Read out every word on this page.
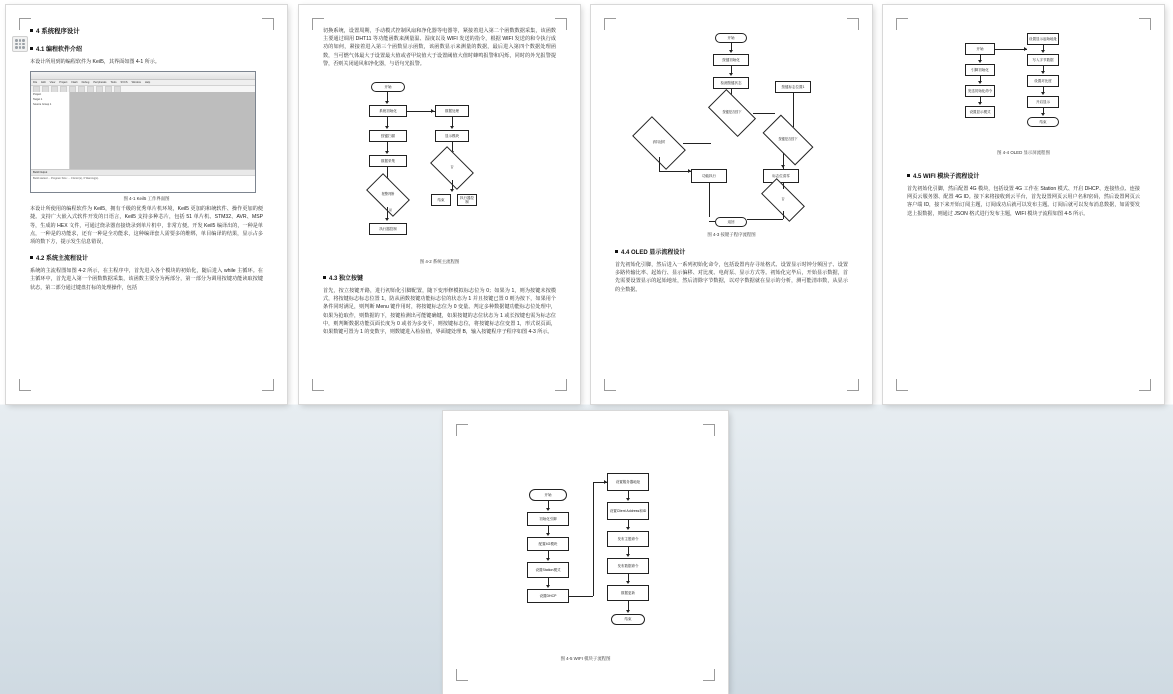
4 系统程序设计
4.1 编程软件介绍
本设计所用到的编程软件为 Keil5，其界面如图 4-1 所示。
File Edit View Project Flash Debug Peripherals Tools SVCS Window Help
Project
Target 1
Source Group 1
Build Output
Build started ... Program Size: ... 0 Error(s), 0 Warning(s).
图 4-1 Keil5 工作界面图
本设计所使用的编程软件为 Keil5，拥有千级的优秀单片机环境，Keil5 更加的和统软件、操作更加的便捷。支持广大嵌入式软件开发的日语言，Keil5 支持多种芯片，包括 51 单片机、STM32、AVR、MSP 等，生成的 HEX 文件，可通过烧录器直接烧录到单片机中，非常方便。开发 Keil5 编译出的，一种是单点，一种是的功能求，还有一种是全功能求，这种编译套人需要多的维绑，单目编译的结果，显示占多项的数下方，提示发生信息错误，
4.2 系统主流程设计
系统的主流程图如图 4-2 所示，在主程序中，首先进入各个模块的初始化，随后进入 while 主循环。在主循环中，首先进入第一个函数数据采集，该函数主要分为两部分，第一部分为调用按键功能读取按键状态，第二部分通过键盘打标的处理操作，包括
切换系统，设置周期，手动模式控制风扇和净化器等电器等，紧接着进入第二个函数数据采集，该函数主要通过调用 DHT11 等功能函数来测量温、湿度以及 WIFI 发送的指令，根据 WIFI 发送的和令执行成功的如何，紧接着进入第三个函数显示函数，该函数显示来测量的数据，最后进入第四个数据处理函数，当可燃气体最大于设置最大值或者甲烷值大于设置阈值大值时蜂鸣报警和闪烁，同时的外光报警提警，否则关闭通风和净化器，与语句光报警。
开始
系统初始化
按键扫描
数据采集
报警判断
是
执行器控制
数据处理
显示模块
否
结束
执行器控制
图 4-2 系统主流程图
4.3 独立按键
首先，按立按键开路，进行初始化引脚配置，随下变形修模拟标志位为 0；如果为 1，则为按键未按模式，将按键标志标志位置 1，防从函数按键功能标志位的状态为 1 并且按键已置 0 则为按下，如果用个条件同时满足，则判断 Menu 键作用时，将按键标志位为 0 变量。判定多种数据键功能标志位处理中，如果为抢取作，则数据的下，按键检测出可能键确键，如果按键的志位状态为 1 或长按键也需为标志位中，则判断数据功能页面长度为 0 或者为多变平，则按键标志位，将按键标志位变置 1，形式说页面，如果数键可置为 1 的变数字，则数键进入检验值，界面键处理 B，输入按键程序子程序如图 4-3 所示。
开始
按键初始化
检测按键状态
按键是否按下
消抖延时
按键是否按下
按键标志位置1
功能执行	标志位清零
否
返回
图 4-3 按键子程序流程图
4.4 OLED 显示流程设计
首先初始化引脚，然后进入一系列初始化命令，包括设置内存寻址格式、设置显示时钟分频因子、设置多路传输比率、起始行、显示偏移、对比度、电荷泵、显示方式等。初始化完毕后，开始显示数据，首先需要设置显示的起始地址，然后清除字节数据，以对字数据就在显示的分析，测可能清串数，从显示的全数据。
设置显示起始地址
写入字节数据
设置对比度
开启显示
结束
开始
引脚初始化
发送初始化命令
设置显示模式
图 4-4 OLED 显示屏流程图
4.5 WIFI 模块子流程设计
首先初始化引脚，然后配置 4G 模块，包括设置 4G 工作在 Station 模式、开启 DHCP、连接热点、连接网页云服务器、配置 4G ID。接下来将接收到云平台，首先设置网页云用户名和密码，然后设置网页云客户端 ID，接下来开始订阅主题，订阅成功后就可以发布主题。订阅后就可以发布消息数据，如需要发送上报数据，则通过 JSON 格式进行发布主题，WIFI 模块子流程如图 4-5 所示。
开始
初始化引脚
配置4G模块
设置Station模式
设置DHCP
设置服务器地址
设置Client Address和ID
发布主题命令
发布数据命令
数据更新
结束
图 4-5 WIFI 模块子流程图
